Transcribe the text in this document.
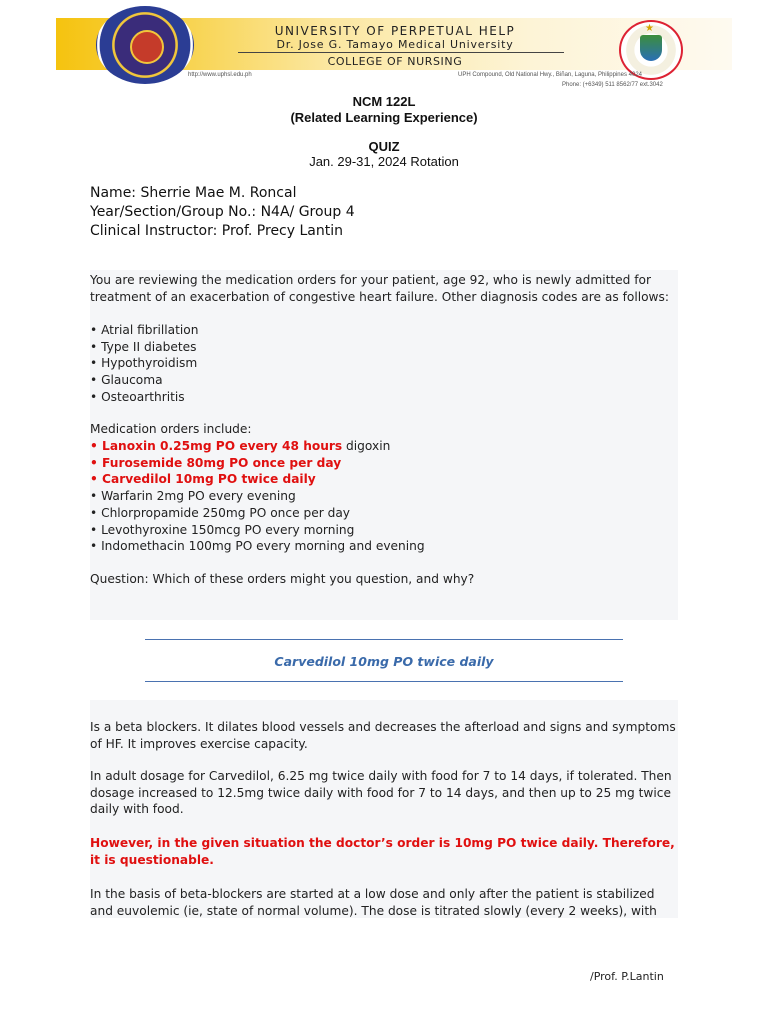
UNIVERSITY OF PERPETUAL HELP
Dr. Jose G. Tamayo Medical University
COLLEGE OF NURSING
★
http://www.uphsl.edu.ph	UPH Compound, Old National Hwy., Biñan, Laguna, Philippines 4024
Phone: (+6349) 511 8562/77 ext.3042
NCM 122L
(Related Learning Experience)
QUIZ
Jan. 29-31, 2024 Rotation
Name: Sherrie Mae M. Roncal
Year/Section/Group No.: N4A/ Group 4
Clinical Instructor: Prof. Precy Lantin
You are reviewing the medication orders for your patient, age 92, who is newly admitted for treatment of an exacerbation of congestive heart failure. Other diagnosis codes are as follows:
• Atrial fibrillation
• Type II diabetes
• Hypothyroidism
• Glaucoma
• Osteoarthritis
Medication orders include:
• Lanoxin 0.25mg PO every 48 hours digoxin
• Furosemide 80mg PO once per day
• Carvedilol 10mg PO twice daily
• Warfarin 2mg PO every evening
• Chlorpropamide 250mg PO once per day
• Levothyroxine 150mcg PO every morning
• Indomethacin 100mg PO every morning and evening
Question: Which of these orders might you question, and why?
Carvedilol 10mg PO twice daily
Is a beta blockers. It dilates blood vessels and decreases the afterload and signs and symptoms of HF. It improves exercise capacity.
In adult dosage for Carvedilol, 6.25 mg twice daily with food for 7 to 14 days, if tolerated. Then dosage increased to 12.5mg twice daily with food for 7 to 14 days, and then up to 25 mg twice daily with food.
However, in the given situation the doctor’s order is 10mg PO twice daily. Therefore, it is questionable.
In the basis of beta-blockers are started at a low dose and only after the patient is stabilized and euvolemic (ie, state of normal volume). The dose is titrated slowly (every 2 weeks), with
/Prof. P.Lantin
